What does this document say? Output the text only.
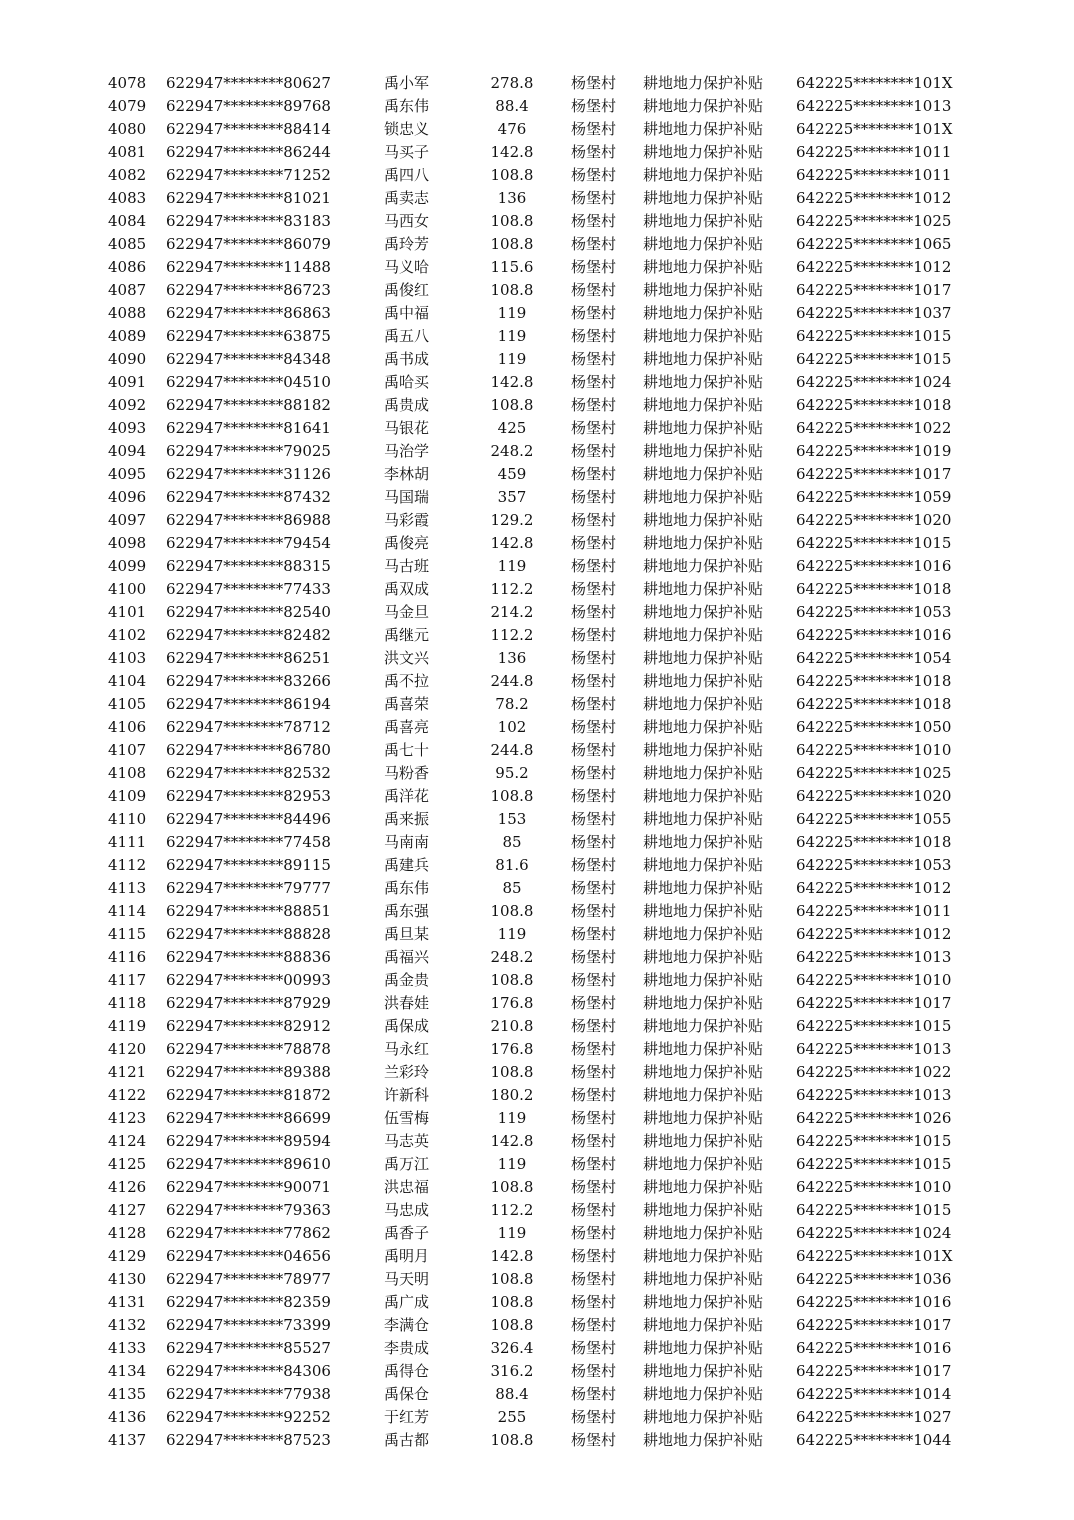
4078 622947********80627	禹小军	278.8	杨堡村 耕地地力保护补贴 642225********101X
4079 622947********89768	禹东伟	88.4	杨堡村 耕地地力保护补贴 642225********1013
4080 622947********88414	锁忠义	476	杨堡村 耕地地力保护补贴 642225********101X
4081 622947********86244	马买子	142.8	杨堡村 耕地地力保护补贴 642225********1011
4082 622947********71252	禹四八	108.8	杨堡村 耕地地力保护补贴 642225********1011
4083 622947********81021	禹卖志	136	杨堡村 耕地地力保护补贴 642225********1012
4084 622947********83183	马西女	108.8	杨堡村 耕地地力保护补贴 642225********1025
4085 622947********86079	禹玲芳	108.8	杨堡村 耕地地力保护补贴 642225********1065
4086 622947********11488	马义哈	115.6	杨堡村 耕地地力保护补贴 642225********1012
4087 622947********86723	禹俊红	108.8	杨堡村 耕地地力保护补贴 642225********1017
4088 622947********86863	禹中福	119	杨堡村 耕地地力保护补贴 642225********1037
4089 622947********63875	禹五八	119	杨堡村 耕地地力保护补贴 642225********1015
4090 622947********84348	禹书成	119	杨堡村 耕地地力保护补贴 642225********1015
4091 622947********04510	禹哈买	142.8	杨堡村 耕地地力保护补贴 642225********1024
4092 622947********88182	禹贵成	108.8	杨堡村 耕地地力保护补贴 642225********1018
4093 622947********81641	马银花	425	杨堡村 耕地地力保护补贴 642225********1022
4094 622947********79025	马治学	248.2	杨堡村 耕地地力保护补贴 642225********1019
4095 622947********31126	李林胡	459	杨堡村 耕地地力保护补贴 642225********1017
4096 622947********87432	马国瑞	357	杨堡村 耕地地力保护补贴 642225********1059
4097 622947********86988	马彩霞	129.2	杨堡村 耕地地力保护补贴 642225********1020
4098 622947********79454	禹俊亮	142.8	杨堡村 耕地地力保护补贴 642225********1015
4099 622947********88315	马古班	119	杨堡村 耕地地力保护补贴 642225********1016
4100 622947********77433	禹双成	112.2	杨堡村 耕地地力保护补贴 642225********1018
4101 622947********82540	马金旦	214.2	杨堡村 耕地地力保护补贴 642225********1053
4102 622947********82482	禹继元	112.2	杨堡村 耕地地力保护补贴 642225********1016
4103 622947********86251	洪文兴	136	杨堡村 耕地地力保护补贴 642225********1054
4104 622947********83266	禹不拉	244.8	杨堡村 耕地地力保护补贴 642225********1018
4105 622947********86194	禹喜荣	78.2	杨堡村 耕地地力保护补贴 642225********1018
4106 622947********78712	禹喜亮	102	杨堡村 耕地地力保护补贴 642225********1050
4107 622947********86780	禹七十	244.8	杨堡村 耕地地力保护补贴 642225********1010
4108 622947********82532	马粉香	95.2	杨堡村 耕地地力保护补贴 642225********1025
4109 622947********82953	禹洋花	108.8	杨堡村 耕地地力保护补贴 642225********1020
4110 622947********84496	禹来振	153	杨堡村 耕地地力保护补贴 642225********1055
4111 622947********77458	马南南	85	杨堡村 耕地地力保护补贴 642225********1018
4112 622947********89115	禹建兵	81.6	杨堡村 耕地地力保护补贴 642225********1053
4113 622947********79777	禹东伟	85	杨堡村 耕地地力保护补贴 642225********1012
4114 622947********88851	禹东强	108.8	杨堡村 耕地地力保护补贴 642225********1011
4115 622947********88828	禹旦某	119	杨堡村 耕地地力保护补贴 642225********1012
4116 622947********88836	禹福兴	248.2	杨堡村 耕地地力保护补贴 642225********1013
4117 622947********00993	禹金贵	108.8	杨堡村 耕地地力保护补贴 642225********1010
4118 622947********87929	洪春娃	176.8	杨堡村 耕地地力保护补贴 642225********1017
4119 622947********82912	禹保成	210.8	杨堡村 耕地地力保护补贴 642225********1015
4120 622947********78878	马永红	176.8	杨堡村 耕地地力保护补贴 642225********1013
4121 622947********89388	兰彩玲	108.8	杨堡村 耕地地力保护补贴 642225********1022
4122 622947********81872	许新科	180.2	杨堡村 耕地地力保护补贴 642225********1013
4123 622947********86699	伍雪梅	119	杨堡村 耕地地力保护补贴 642225********1026
4124 622947********89594	马志英	142.8	杨堡村 耕地地力保护补贴 642225********1015
4125 622947********89610	禹万江	119	杨堡村 耕地地力保护补贴 642225********1015
4126 622947********90071	洪忠福	108.8	杨堡村 耕地地力保护补贴 642225********1010
4127 622947********79363	马忠成	112.2	杨堡村 耕地地力保护补贴 642225********1015
4128 622947********77862	禹香子	119	杨堡村 耕地地力保护补贴 642225********1024
4129 622947********04656	禹明月	142.8	杨堡村 耕地地力保护补贴 642225********101X
4130 622947********78977	马天明	108.8	杨堡村 耕地地力保护补贴 642225********1036
4131 622947********82359	禹广成	108.8	杨堡村 耕地地力保护补贴 642225********1016
4132 622947********73399	李满仓	108.8	杨堡村 耕地地力保护补贴 642225********1017
4133 622947********85527	李贵成	326.4	杨堡村 耕地地力保护补贴 642225********1016
4134 622947********84306	禹得仓	316.2	杨堡村 耕地地力保护补贴 642225********1017
4135 622947********77938	禹保仓	88.4	杨堡村 耕地地力保护补贴 642225********1014
4136 622947********92252	于红芳	255	杨堡村 耕地地力保护补贴 642225********1027
4137 622947********87523	禹古都	108.8	杨堡村 耕地地力保护补贴 642225********1044
